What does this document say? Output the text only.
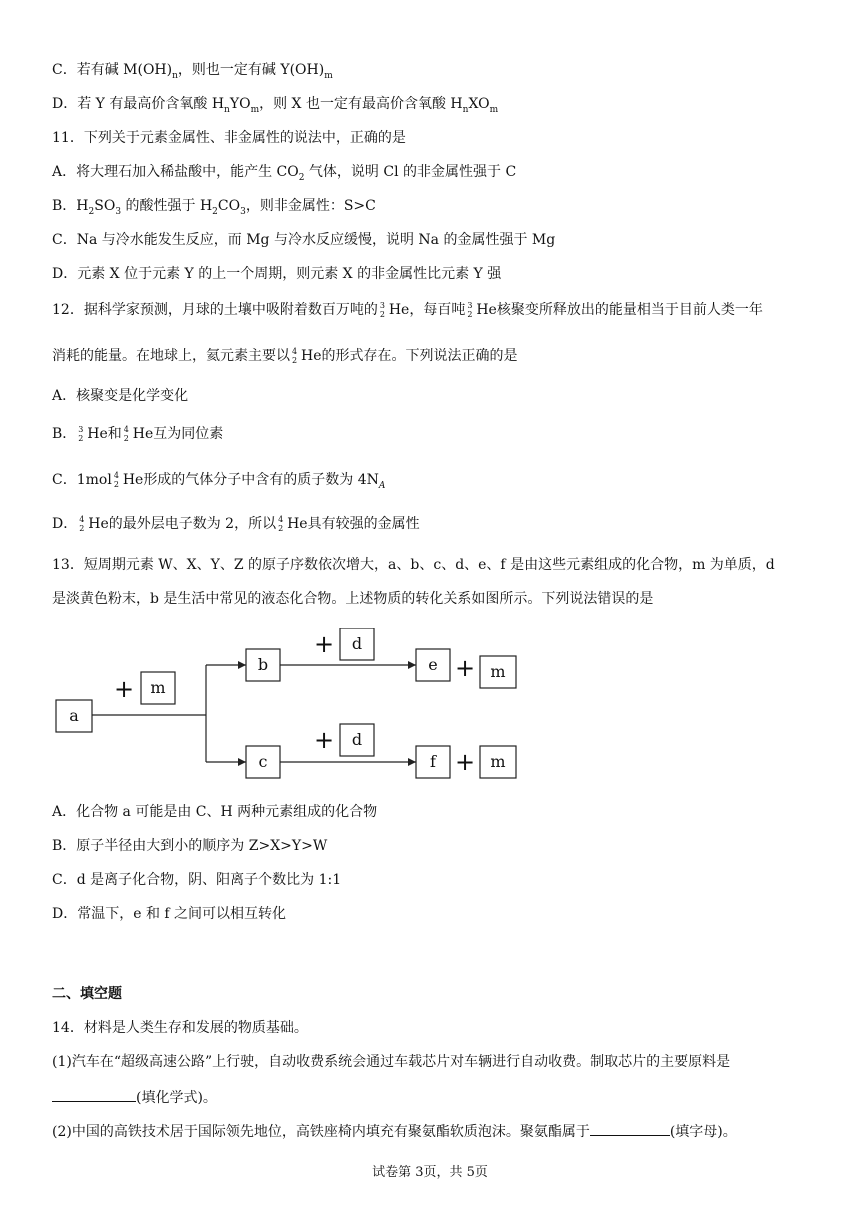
C．若有碱 $M(OH)_n$，则也一定有碱 $Y(OH)_m$
D．若 Y 有最高价含氧酸 $H_nYO_m$，则 X 也一定有最高价含氧酸 $H_nXO_m$
11．下列关于元素金属性、非金属性的说法中，正确的是
A．将大理石加入稀盐酸中，能产生 $CO_2$ 气体，说明 Cl 的非金属性强于 C
B．$H_2SO_3$ 的酸性强于 $H_2CO_3$，则非金属性：S>C
C．Na 与冷水能发生反应，而 Mg 与冷水反应缓慢，说明 Na 的金属性强于 Mg
D．元素 X 位于元素 Y 的上一个周期，则元素 X 的非金属性比元素 Y 强
12．据科学家预测，月球的土壤中吸附着数百万吨的 3
2 He，每百吨 3
2 He核聚变所释放出的能量相当于目前人类一年
消耗的能量。在地球上，氦元素主要以 4
2 He的形式存在。下列说法正确的是
A．核聚变是化学变化
B． 3
2 He和 4
2 He互为同位素
C．1mol 4
2 He形成的气体分子中含有的质子数为 $4N_A$
D． 4
2 He的最外层电子数为 2，所以 4
2 He具有较强的金属性
13．短周期元素 W、X、Y、Z 的原子序数依次增大，a、b、c、d、e、f 是由这些元素组成的化合物，m 为单质，d
是淡黄色粉末，b 是生活中常见的液态化合物。上述物质的转化关系如图所示。下列说法错误的是
a
m
b
d
e	m
c
d
f	m
+
+
+
+
+
A．化合物 a 可能是由 C、H 两种元素组成的化合物
B．原子半径由大到小的顺序为 Z>X>Y>W
C．d 是离子化合物，阴、阳离子个数比为 1:1
D．常温下，e 和 f 之间可以相互转化
二、填空题
14．材料是人类生存和发展的物质基础。
(1)汽车在“超级高速公路”上行驶，自动收费系统会通过车载芯片对车辆进行自动收费。制取芯片的主要原料是
(填化学式)。
(2)中国的高铁技术居于国际领先地位，高铁座椅内填充有聚氨酯软质泡沫。聚氨酯属于	(填字母)。
试卷第 3页，共 5页
